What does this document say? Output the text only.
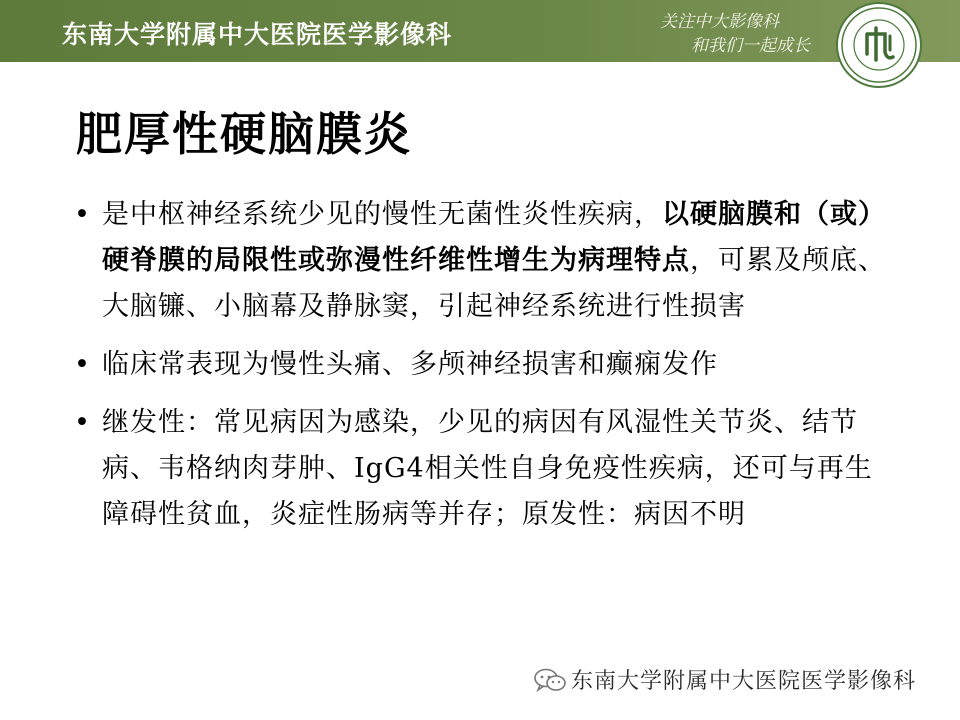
东南大学附属中大医院医学影像科	关注中大影像科
和我们一起成长
肥厚性硬脑膜炎
• 是中枢神经系统少见的慢性无菌性炎性疾病，以硬脑膜和（或）硬脊膜的局限性或弥漫性纤维性增生为病理特点，可累及颅底、大脑镰、小脑幕及静脉窦，引起神经系统进行性损害
• 临床常表现为慢性头痛、多颅神经损害和癫痫发作
• 继发性：常见病因为感染，少见的病因有风湿性关节炎、结节病、韦格纳肉芽肿、IgG4相关性自身免疫性疾病，还可与再生障碍性贫血，炎症性肠病等并存；原发性：病因不明
东南大学附属中大医院医学影像科
